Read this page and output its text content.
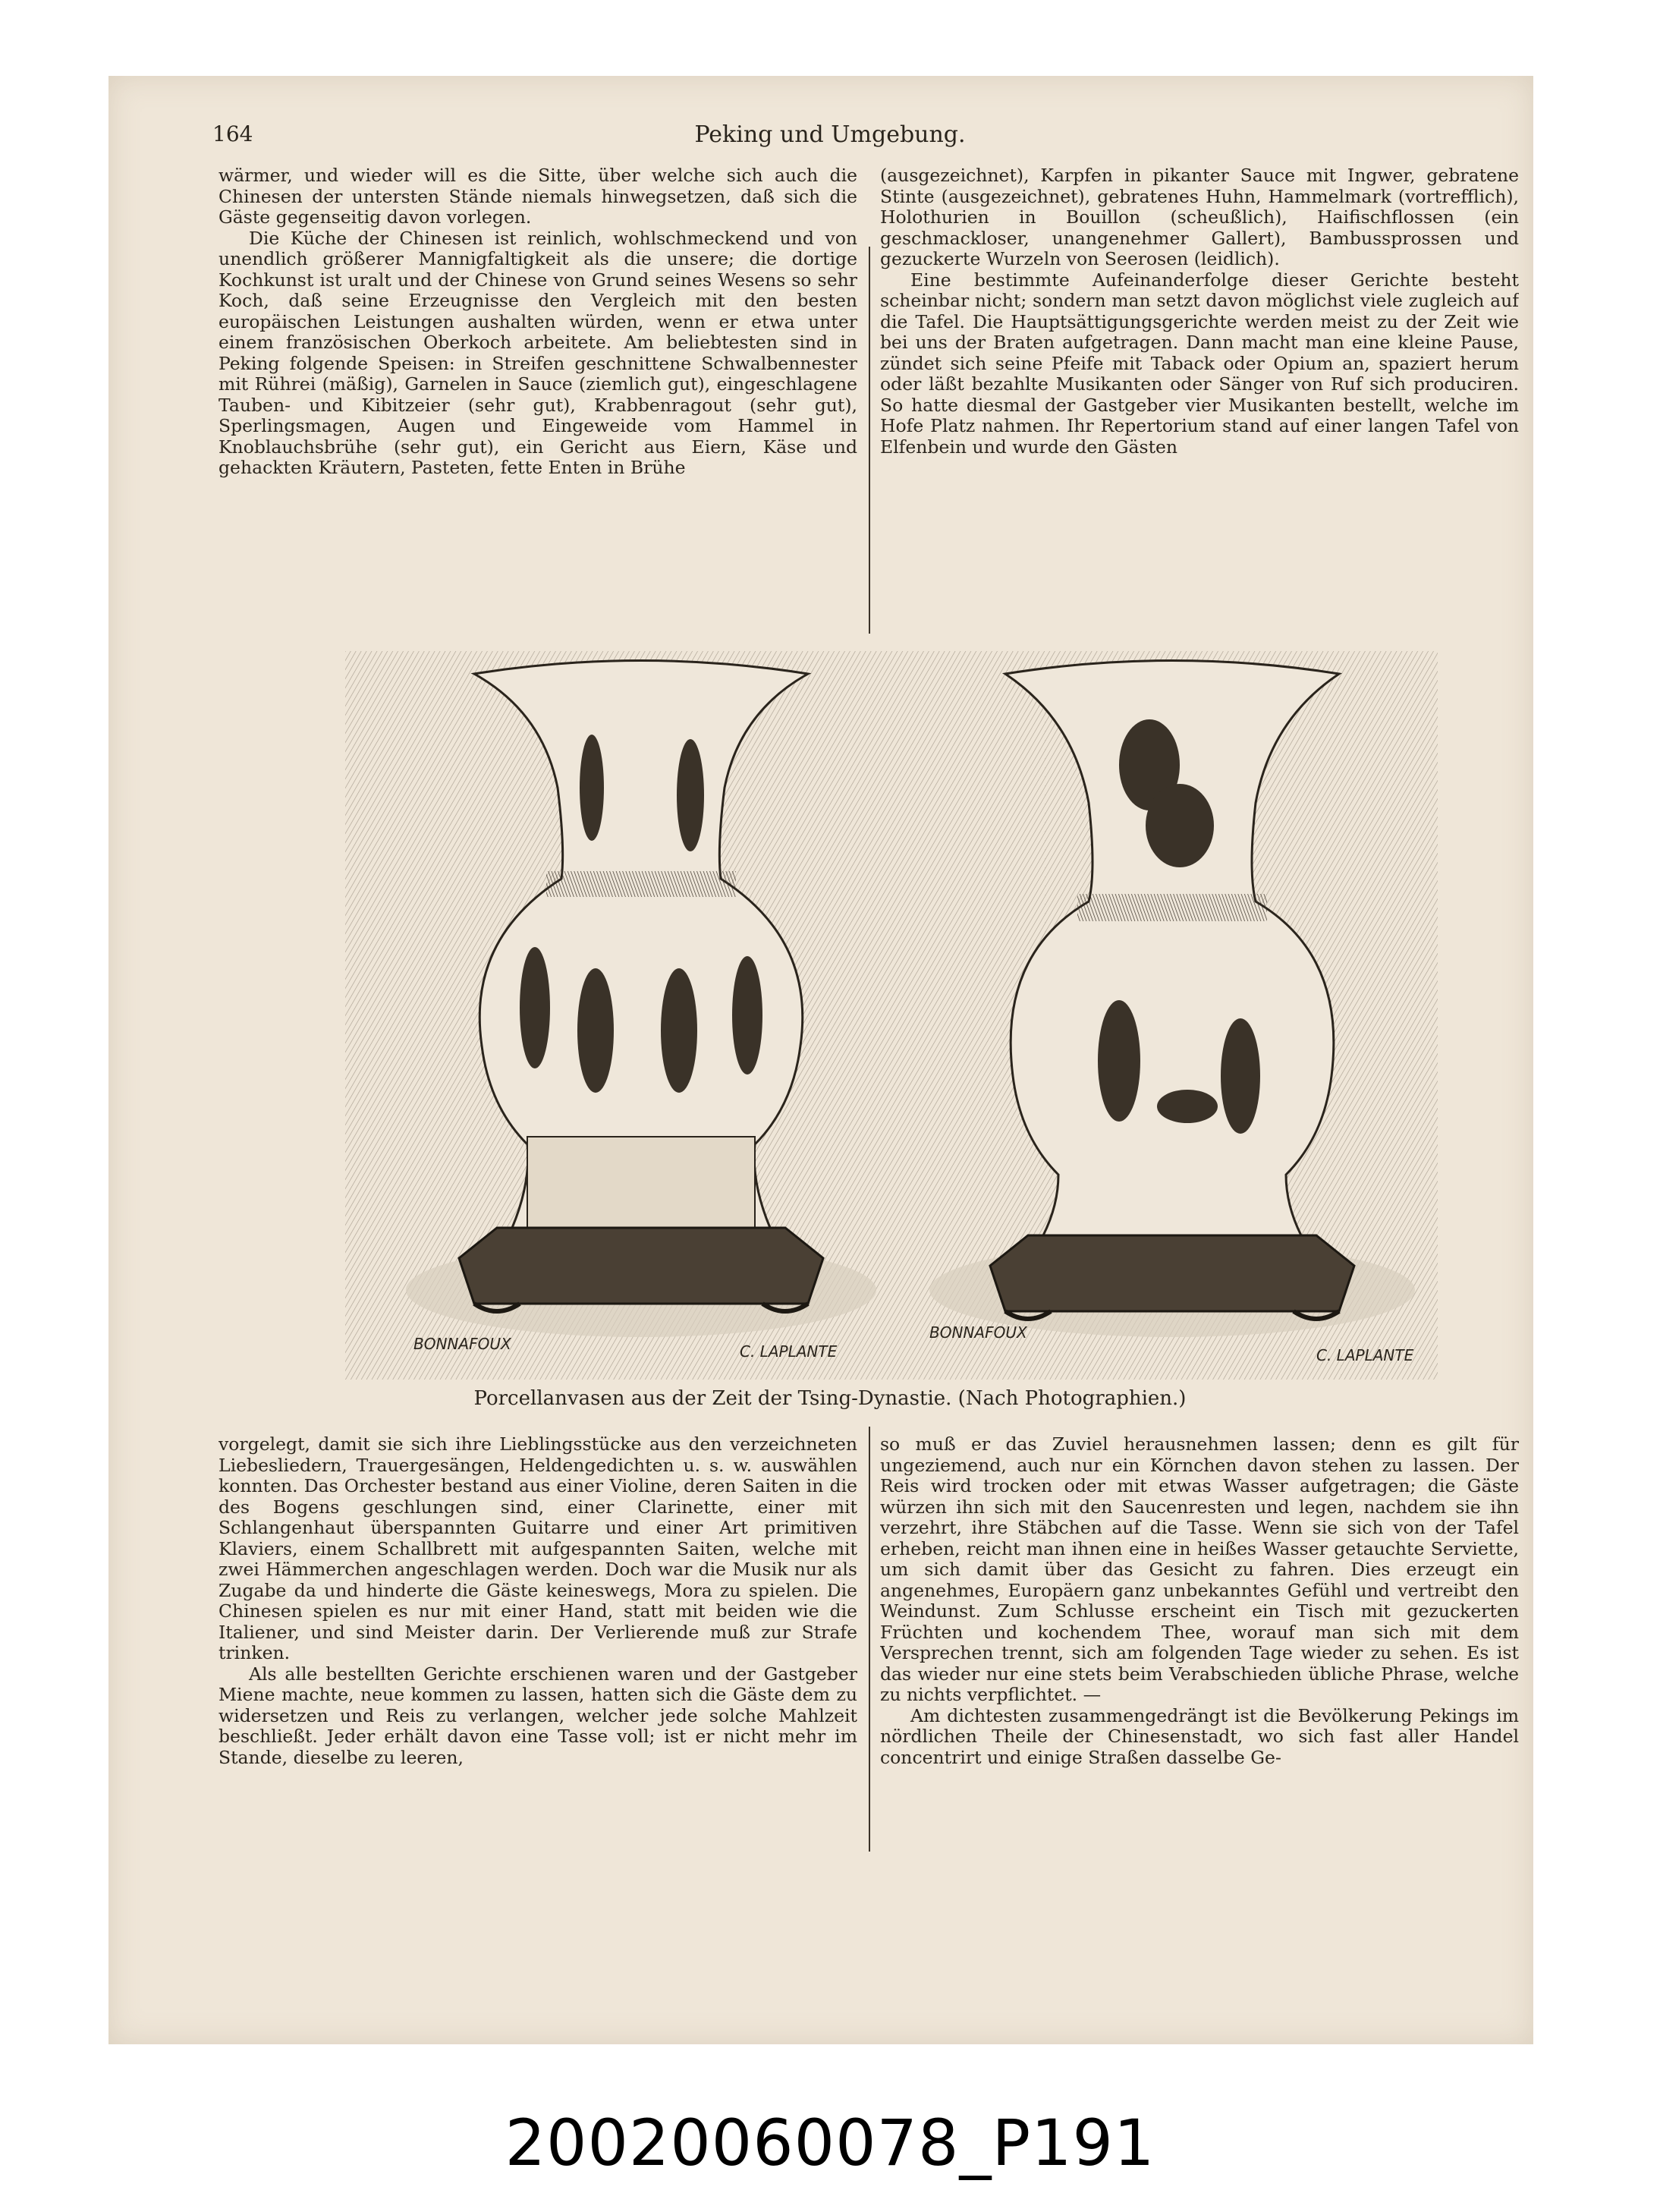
164	Peking und Umgebung.

wärmer, und wieder will es die Sitte, über welche sich auch die Chinesen der untersten Stände niemals hinwegsetzen, daß sich die Gäste gegenseitig davon vorlegen.

Die Küche der Chinesen ist reinlich, wohlschmeckend und von unendlich größerer Mannigfaltigkeit als die unsere; die dortige Kochkunst ist uralt und der Chinese von Grund seines Wesens so sehr Koch, daß seine Erzeugnisse den Vergleich mit den besten europäischen Leistungen aushalten würden, wenn er etwa unter einem französischen Oberkoch arbeitete. Am beliebtesten sind in Peking folgende Speisen: in Streifen geschnittene Schwalbennester mit Rührei (mäßig), Garnelen in Sauce (ziemlich gut), eingeschlagene Tauben- und Kibitzeier (sehr gut), Krabbenragout (sehr gut), Sperlingsmagen, Augen und Eingeweide vom Hammel in Knoblauchsbrühe (sehr gut), ein Gericht aus Eiern, Käse und gehackten Kräutern, Pasteten, fette Enten in Brühe

(ausgezeichnet), Karpfen in pikanter Sauce mit Ingwer, gebratene Stinte (ausgezeichnet), gebratenes Huhn, Hammelmark (vortrefflich), Holothurien in Bouillon (scheußlich), Haifischflossen (ein geschmackloser, unangenehmer Gallert), Bambussprossen und gezuckerte Wurzeln von Seerosen (leidlich).

Eine bestimmte Aufeinanderfolge dieser Gerichte besteht scheinbar nicht; sondern man setzt davon möglichst viele zugleich auf die Tafel. Die Hauptsättigungsgerichte werden meist zu der Zeit wie bei uns der Braten aufgetragen. Dann macht man eine kleine Pause, zündet sich seine Pfeife mit Taback oder Opium an, spaziert herum oder läßt bezahlte Musikanten oder Sänger von Ruf sich produciren. So hatte diesmal der Gastgeber vier Musikanten bestellt, welche im Hofe Platz nahmen. Ihr Repertorium stand auf einer langen Tafel von Elfenbein und wurde den Gästen

BONNAFOUX	C. LAPLANTE
BONNAFOUX
C. LAPLANTE
Porcellanvasen aus der Zeit der Tsing-Dynastie. (Nach Photographien.)

vorgelegt, damit sie sich ihre Lieblingsstücke aus den verzeichneten Liebesliedern, Trauergesängen, Heldengedichten u. s. w. auswählen konnten. Das Orchester bestand aus einer Violine, deren Saiten in die des Bogens geschlungen sind, einer Clarinette, einer mit Schlangenhaut überspannten Guitarre und einer Art primitiven Klaviers, einem Schallbrett mit aufgespannten Saiten, welche mit zwei Hämmerchen angeschlagen werden. Doch war die Musik nur als Zugabe da und hinderte die Gäste keineswegs, Mora zu spielen. Die Chinesen spielen es nur mit einer Hand, statt mit beiden wie die Italiener, und sind Meister darin. Der Verlierende muß zur Strafe trinken.

Als alle bestellten Gerichte erschienen waren und der Gastgeber Miene machte, neue kommen zu lassen, hatten sich die Gäste dem zu widersetzen und Reis zu verlangen, welcher jede solche Mahlzeit beschließt. Jeder erhält davon eine Tasse voll; ist er nicht mehr im Stande, dieselbe zu leeren,

so muß er das Zuviel herausnehmen lassen; denn es gilt für ungeziemend, auch nur ein Körnchen davon stehen zu lassen. Der Reis wird trocken oder mit etwas Wasser aufgetragen; die Gäste würzen ihn sich mit den Saucenresten und legen, nachdem sie ihn verzehrt, ihre Stäbchen auf die Tasse. Wenn sie sich von der Tafel erheben, reicht man ihnen eine in heißes Wasser getauchte Serviette, um sich damit über das Gesicht zu fahren. Dies erzeugt ein angenehmes, Europäern ganz unbekanntes Gefühl und vertreibt den Weindunst. Zum Schlusse erscheint ein Tisch mit gezuckerten Früchten und kochendem Thee, worauf man sich mit dem Versprechen trennt, sich am folgenden Tage wieder zu sehen. Es ist das wieder nur eine stets beim Verabschieden übliche Phrase, welche zu nichts verpflichtet. —

Am dichtesten zusammengedrängt ist die Bevölkerung Pekings im nördlichen Theile der Chinesenstadt, wo sich fast aller Handel concentrirt und einige Straßen dasselbe Ge-

20020060078_P191
